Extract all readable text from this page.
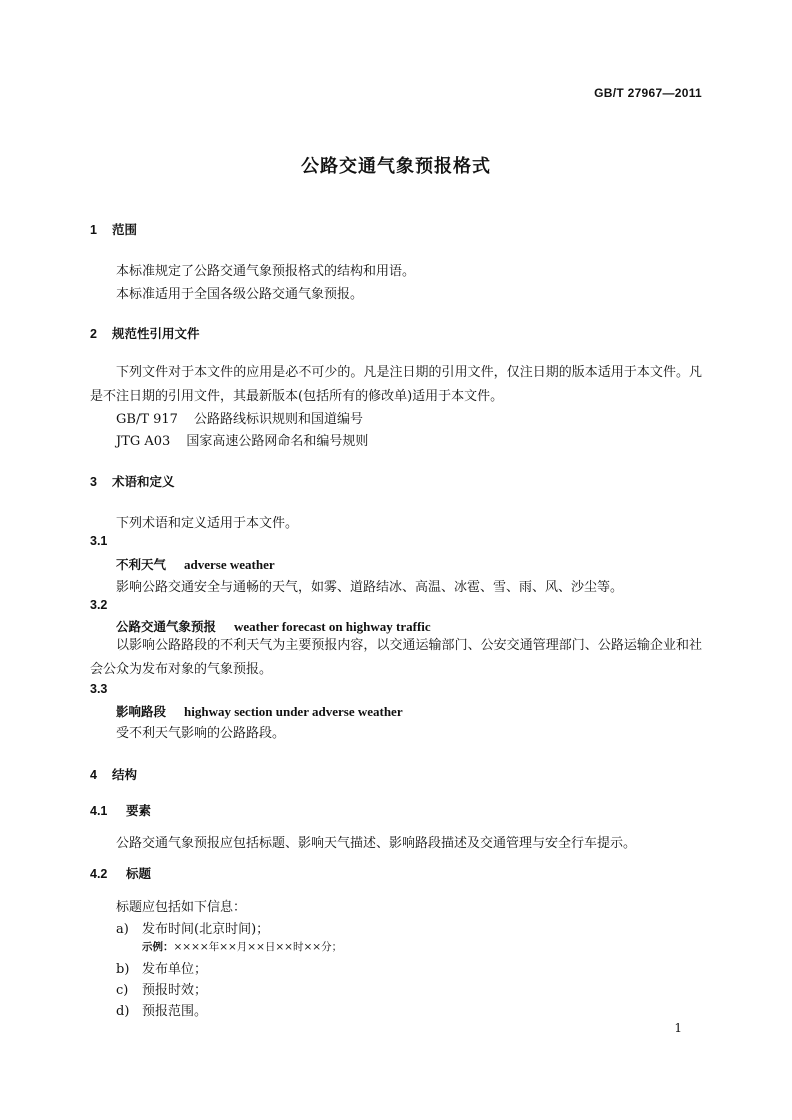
GB/T 27967—2011
公路交通气象预报格式
1 范围
本标准规定了公路交通气象预报格式的结构和用语。
本标准适用于全国各级公路交通气象预报。
2 规范性引用文件
下列文件对于本文件的应用是必不可少的。凡是注日期的引用文件，仅注日期的版本适用于本文件。凡是不注日期的引用文件，其最新版本(包括所有的修改单)适用于本文件。
GB/T 917 公路路线标识规则和国道编号
JTG A03 国家高速公路网命名和编号规则
3 术语和定义
下列术语和定义适用于本文件。
3.1
不利天气 adverse weather
影响公路交通安全与通畅的天气，如雾、道路结冰、高温、冰雹、雪、雨、风、沙尘等。
3.2
公路交通气象预报 weather forecast on highway traffic
以影响公路路段的不利天气为主要预报内容，以交通运输部门、公安交通管理部门、公路运输企业和社会公众为发布对象的气象预报。
3.3
影响路段 highway section under adverse weather
受不利天气影响的公路路段。
4 结构
4.1 要素
公路交通气象预报应包括标题、影响天气描述、影响路段描述及交通管理与安全行车提示。
4.2 标题
标题应包括如下信息：
a) 发布时间(北京时间)；
示例：××××年××月××日××时××分；
b) 发布单位；
c) 预报时效；
d) 预报范围。
1
